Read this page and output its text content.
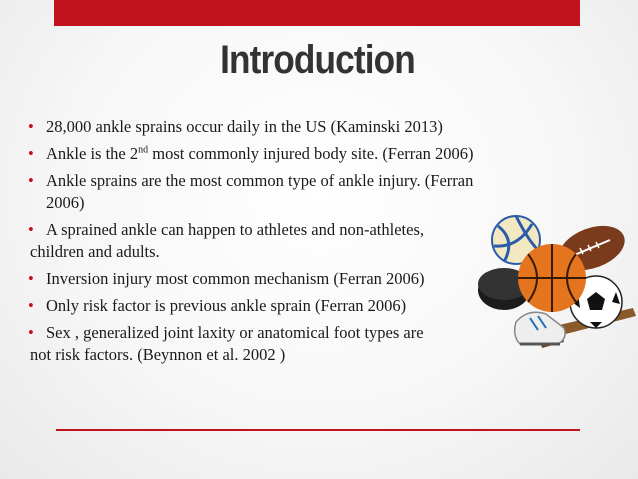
Introduction
• 28,000 ankle sprains occur daily in the US (Kaminski 2013)
• Ankle is the 2nd most commonly injured body site. (Ferran 2006)
• Ankle sprains are the most common type of ankle injury. (Ferran 2006)
• A sprained ankle can happen to athletes and non-athletes,
children and adults.
• Inversion injury most common mechanism (Ferran 2006)
• Only risk factor is previous ankle sprain (Ferran 2006)
• Sex , generalized joint laxity or anatomical foot types are
not risk factors. (Beynnon et al. 2002 )
